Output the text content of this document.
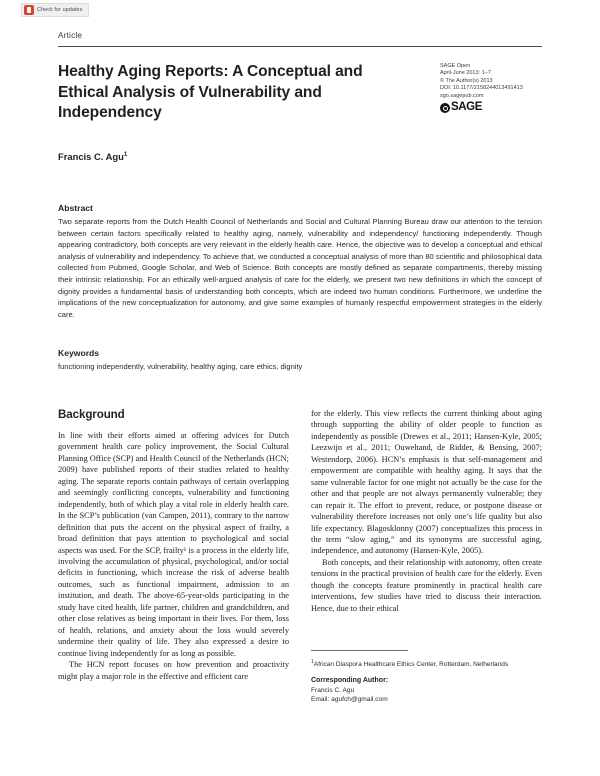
Check for updates
Article
Healthy Aging Reports: A Conceptual and Ethical Analysis of Vulnerability and Independency
Francis C. Agu$^1$
SAGE Open
April-June 2013: 1–7
© The Author(s) 2013
DOI: 10.1177/2158244013491413
sgo.sagepub.com
SAGE
Abstract
Two separate reports from the Dutch Health Council of Netherlands and Social and Cultural Planning Bureau draw our attention to the tension between certain factors specifically related to healthy aging, namely, vulnerability and independency/ functioning independently. Though appearing contradictory, both concepts are very relevant in the elderly health care. Hence, the objective was to develop a conceptual and ethical analysis of vulnerability and independency. To achieve that, we conducted a conceptual analysis of more than 80 scientific and philosophical data collected from Pubmed, Google Scholar, and Web of Science. Both concepts are mostly defined as separate compartments, thereby missing their intrinsic relationship. For an ethically well-argued analysis of care for the elderly, we present two new definitions in which the concept of dignity provides a fundamental basis of understanding both concepts, which are indeed two human conditions. Furthermore, we underline the implications of the new conceptualization for autonomy, and give some examples of humanly respectful empowerment strategies in the elderly care.
Keywords
functioning independently, vulnerability, healthy aging, care ethics, dignity
Background

In line with their efforts aimed at offering advices for Dutch government health care policy improvement, the Social Cultural Planning Office (SCP) and Health Council of the Netherlands (HCN; 2009) have published reports of their studies related to healthy aging. The separate reports contain pathways of certain overlapping and seemingly conflicting concepts, vulnerability and functioning independently, both of which play a vital role in elderly health care. In the SCP’s publication (van Campen, 2011), contrary to the narrow definition that puts the accent on the physical aspect of frailty, a broad definition that pays attention to psychological and social aspects was used. For the SCP, frailty¹ is a process in the elderly life, involving the accumulation of physical, psychological, and/or social deficits in functioning, which increase the risk of adverse health outcomes, such as functional impairment, admission to an institution, and death. The above-65-year-olds participating in the study have cited health, life partner, children and grandchildren, and other close relatives as being important in their lives. For them, loss of health, relations, and anxiety about the loss would severely undermine their quality of life. They also expressed a desire to continue living independently for as long as possible.

The HCN report focuses on how prevention and proactivity might play a major role in the effective and efficient care

for the elderly. This view reflects the current thinking about aging through supporting the ability of older people to function as independently as possible (Drewes et al., 2011; Hansen-Kyle, 2005; Leezwijn et al., 2011; Ouwehand, de Ridder, & Bensing, 2007; Westendorp, 2006). HCN’s emphasis is that self-management and empowerment are compatible with healthy aging. It says that the same vulnerable factor for one might not actually be the case for the other and that people are not always permanently vulnerable; they can repair it. The effort to prevent, reduce, or postpone disease or vulnerability therefore increases not only one’s life quality but also life expectancy. Blagosklonny (2007) conceptualizes this process in the term “slow aging,” and its synonyms are successful aging, independence, and autonomy (Hansen-Kyle, 2005).

Both concepts, and their relationship with autonomy, often create tensions in the practical provision of health care for the elderly. Even though the concepts feature prominently in practical health care interventions, few studies have tried to discuss their interaction. Hence, due to their ethical

$^1$African Diaspora Healthcare Ethics Center, Rotterdam, Netherlands
Corresponding Author:
Francis C. Agu
Email: agufch@gmail.com
